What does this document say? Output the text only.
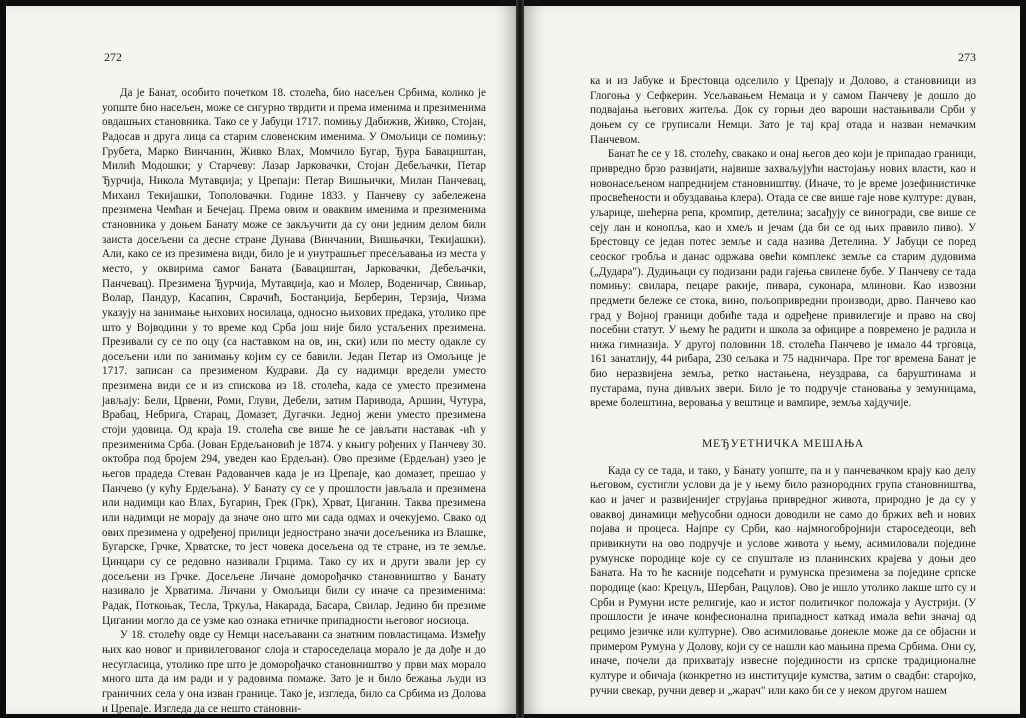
272

Да је Банат, особито почетком 18. столећа, био насељен Србима, колико је уопште био насељен, може се сигурно тврдити и према именима и презименима овдашњих становника. Тако се у Јабуци 1717. помињу Дабижив, Живко, Стојан, Радосав и друга лица са старим словенским именима. У Омољици се помињу: Грубета, Марко Винчанин, Живко Влах, Момчило Бугар, Ђура Бавациштан, Милић Модошки; у Старчеву: Лазар Јарковачки, Стојан Дебељачки, Петар Ђурчија, Никола Мутавџија; у Црепаји: Петар Вишњички, Милан Панчевац, Михаил Текијашки, Тополовачки. Године 1833. у Панчеву су забележена презимена Чемћан и Бечејац. Према овим и оваквим именима и презименима становника у доњем Банату може се закључити да су они једним делом били заиста досељени са десне стране Дунава (Винчании, Вишњачки, Текијашки). Али, како се из презимена види, било је и унутрашњег пресељавања из места у место, у оквирима самог Баната (Бавациштан, Јарковачки, Дебељачки, Панчевац). Презимена Ђурчија, Мутавџија, као и Молер, Воденичар, Свињар, Волар, Пандур, Касапин, Сврачић, Бостанџија, Берберин, Терзија, Чизма указују на занимање њихових носилаца, односно њихових предака, утолико пре што у Војводини у то време код Срба још није било устаљених презимена. Презивали су се по оцу (са наставком на ов, ин, ски) или по месту одакле су досељени или по занимању којим су се бавили. Један Петар из Омољице је 1717. записан са презименом Кудрави. Да су надимци вредели уместо презимена види се и из спискова из 18. столећа, када се уместо презимена јављају: Бели, Црвени, Роми, Глуви, Дебели, затим Паривода, Аршин, Чутура, Врабац, Небрига, Старац, Домазет, Дугачки. Једној жени уместо презимена стоји удовица. Од краја 19. столећа све више ће се јављати наставак -ић у презименима Срба. (Јован Ердељановић је 1874. у књигу рођених у Панчеву 30. октобра под бројем 294, уведен као Ердељан). Ово презиме (Ердељан) узео је његов прадеда Стеван Радованчев када је из Црепаје, као домазет, прешао у Панчево (у кућу Ердељана). У Банату су се у прошлости јављала и презимена или надимци као Влах, Бугарин, Грек (Грк), Хрват, Циганин. Таква презимена или надимци не морају да значе оно што ми сада одмах и очекујемо. Свако од ових презимена у одређеној прилици једнострано значи досељеника из Влашке, Бугарске, Грчке, Хрватске, то јест човека досељена од те стране, из те земље. Цинцари су се редовно називали Грцима. Тако су их и други звали јер су досељени из Грчке. Досељене Личане доморођачко становништво у Банату називало је Хрватима. Личани у Омољици били су иначе са презименима: Радак, Поткоњак, Тесла, Тркуља, Накарада, Басара, Свилар. Једино би презиме Цигании могло да се узме као ознака етничке припадности његовог носиоца.

У 18. столећу овде су Немци насељавани са знатним повластицама. Између њих као новог и привилегованог слоја и староседелаца морало је да дође и до несугласица, утолико пре што је доморођачко становништво у први мах морало много шта да им ради и у радовима помаже. Зато је и било бежања људи из граничних села у она изван границе. Тако је, изгледа, било са Србима из Долова и Црепаје. Изгледа да се нешто становни-

273

ка и из Јабуке и Брестовца одселило у Црепају и Долово, а становници из Глогоња у Сефкерин. Усељавањем Немаца и у самом Панчеву је дошло до подвајања његових житеља. Док су горњи део вароши настањивали Срби у доњем су се груписали Немци. Зато је тај крај отада и назван немачким Панчевом.

Банат ће се у 18. столећу, свакако и онај његов део који је припадао граници, привредно брзо развијати, највише захваљујући настојању нових власти, као и новонасељеном напреднијем становништву. (Иначе, то је време јозефинистичке просвећености и обуздавања клера). Отада се све више гаје нове културе: дуван, уљарице, шећерна репа, кромпир, детелина; засађују се виногради, све више се сеју лан и конопља, као и хмељ и јечам (да би се од њих правило пиво). У Брестовцу се један потес земље и сада назива Детелина. У Јабуци се поред сеоског гробља и данас одржава овећи комплекс земље са старим дудовима („Дудара"). Дудињаци су подизани ради гајења свилене бубе. У Панчеву се тада помињу: свилара, пецаре ракије, пивара, суконара, млинови. Као извозни предмети бележе се стока, вино, пољопривредни производи, дрво. Панчево као град у Војној граници добиће тада и одређене привилегије и право на свој посебни статут. У њему ће радити и школа за официре а повремено је радила и нижа гимназија. У другој половини 18. столећа Панчево је имало 44 трговца, 161 занатлију, 44 рибара, 230 сељака и 75 надничара. Пре тог времена Банат је био неразвијена земља, ретко настањена, неуздрава, са баруштинама и пустарама, пуна дивљих звери. Било је то подручје становања у земуницама, време болештина, веровања у вештице и вампире, земља хајдучије.

МЕЂУЕТНИЧКА МЕШАЊА

Када су се тада, и тако, у Банату уопште, па и у панчевачком крају као делу његовом, сустигли услови да је у њему било разнородних група становништва, као и јачег и развијенијег струјања привредног живота, природно је да су у оваквој динамици међусобни односи доводили не само до бржих већ и нових појава и процеса. Најпре су Срби, као најмногобројнији староседеоци, већ привикнути на ово подручје и услове живота у њему, асимиловали поједине румунске породице које су се спуштале из планинских крајева у доњи део Баната. На то ће касније подсећати и румунска презимена за поједине српске породице (као: Крецуљ, Шербан, Рацулов). Ово је ишло утолико лакше што су и Срби и Румуни исте религије, као и истог политичког положаја у Аустрији. (У прошлости је иначе конфесионална припадност каткад имала већи значај од рецимо језичке или културне). Ово асимиловање донекле може да се објасни и примером Румуна у Долову, који су се нашли као мањина према Србима. Они су, иначе, почели да прихватају извесне појединости из српске традиционалне културе и обичаја (конкретно из институције кумства, затим о свадби: старојко, ручни свекар, ручни девер и „жарач" или како би се у неком другом нашем
